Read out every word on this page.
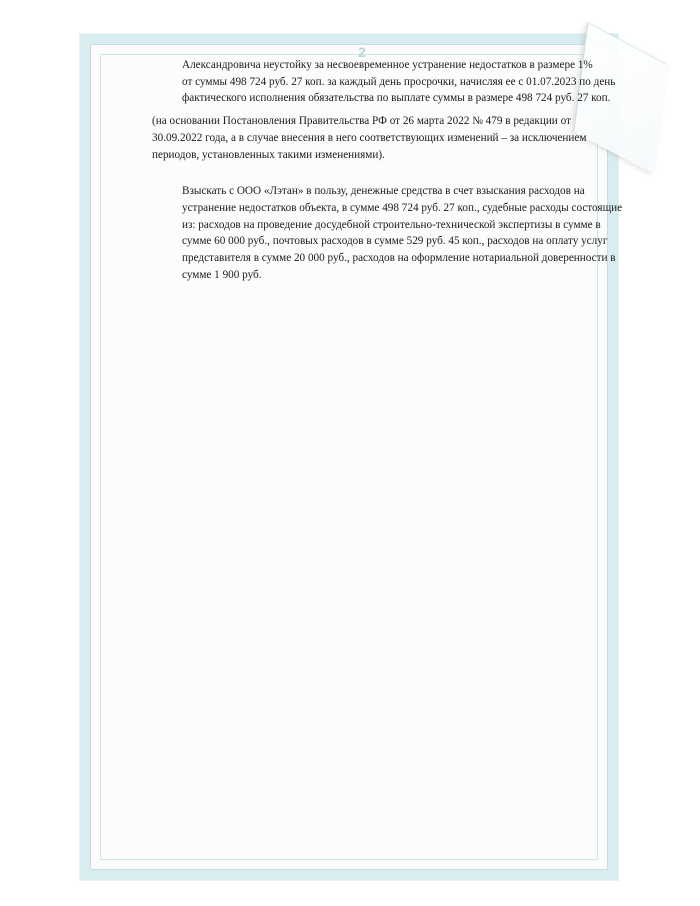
2
Александровича неустойку за несвоевременное устранение недостатков в размере 1%
от суммы 498 724 руб. 27 коп. за каждый день просрочки, начисляя ее с 01.07.2023 по день
фактического исполнения обязательства по выплате суммы в размере 498 724 руб. 27 коп.
(на основании Постановления Правительства РФ от 26 марта 2022 № 479 в редакции от
30.09.2022 года, а в случае внесения в него соответствующих изменений – за исключением
периодов, установленных такими изменениями).
Взыскать с ООО «Лэтан» в пользу, денежные средства в счет взыскания расходов на
устранение недостатков объекта, в сумме 498 724 руб. 27 коп., судебные расходы состоящие
из: расходов на проведение досудебной строительно-технической экспертизы в сумме в
сумме 60 000 руб., почтовых расходов в сумме 529 руб. 45 коп., расходов на оплату услуг
представителя в сумме 20 000 руб., расходов на оформление нотариальной доверенности в
сумме 1 900 руб.
